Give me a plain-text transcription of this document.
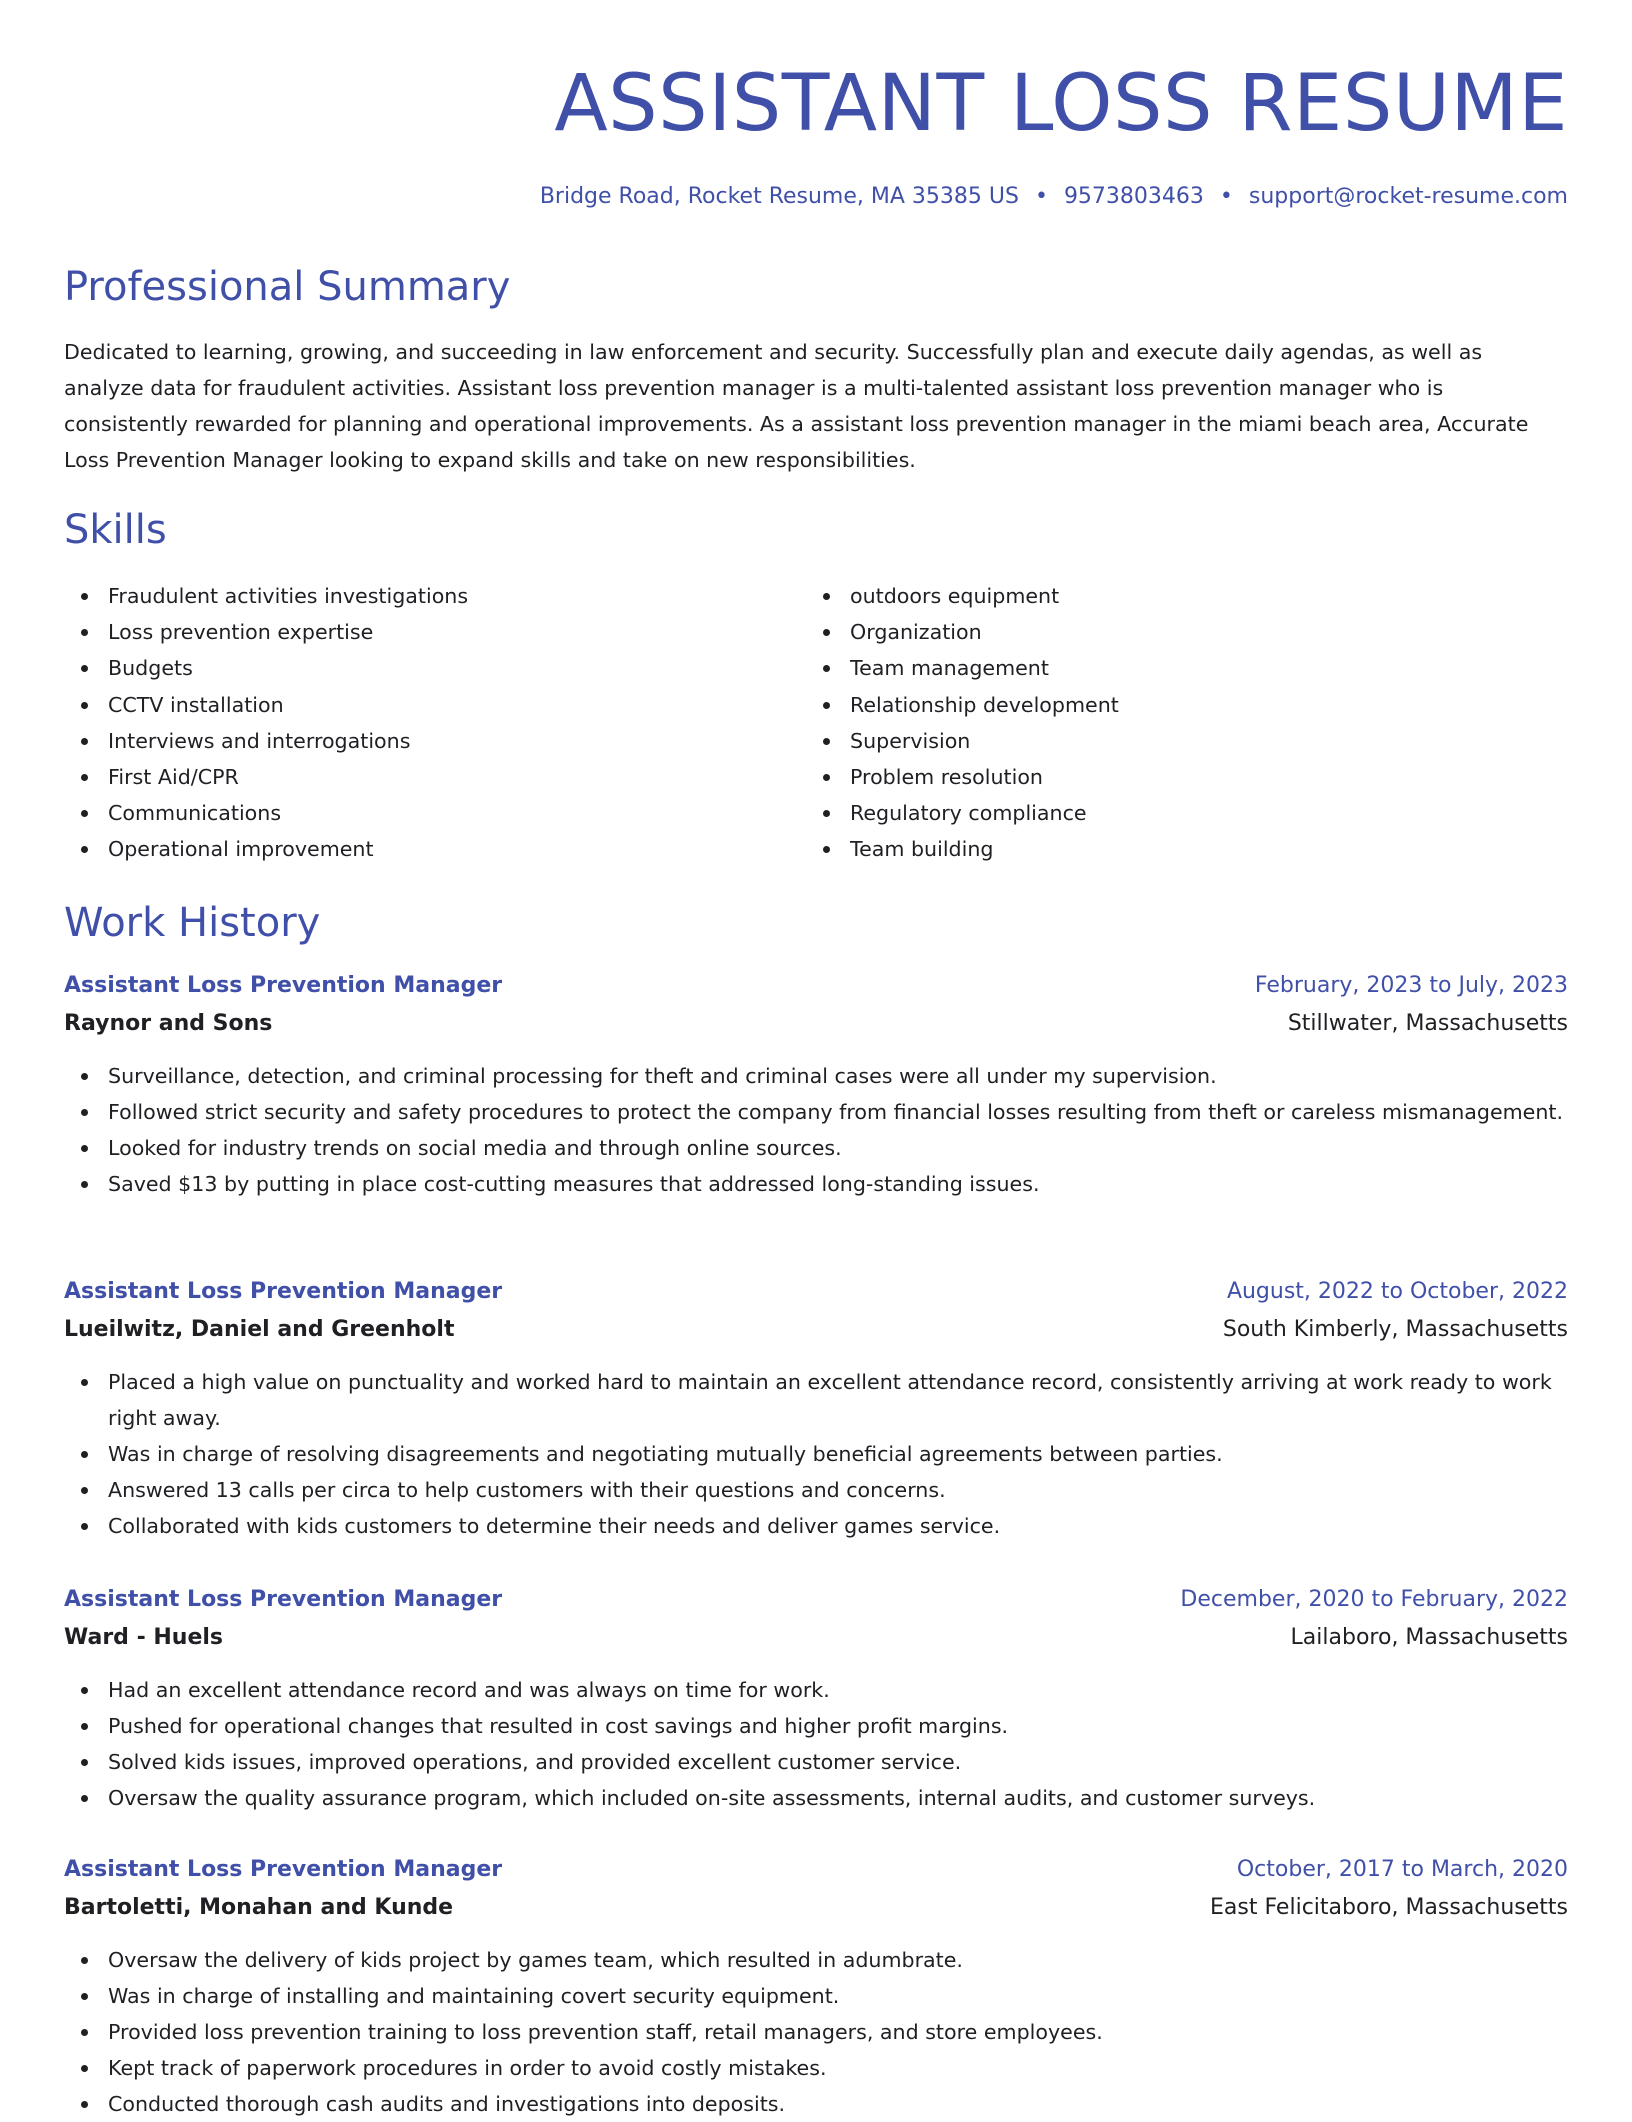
ASSISTANT LOSS RESUME
Bridge Road, Rocket Resume, MA 35385 US • 9573803463 • support@rocket-resume.com
Professional Summary

Dedicated to learning, growing, and succeeding in law enforcement and security. Successfully plan and execute daily agendas, as well as analyze data for fraudulent activities. Assistant loss prevention manager is a multi-talented assistant loss prevention manager who is consistently rewarded for planning and operational improvements. As a assistant loss prevention manager in the miami beach area, Accurate Loss Prevention Manager looking to expand skills and take on new responsibilities.

Skills
Fraudulent activities investigations
Loss prevention expertise
Budgets
CCTV installation
Interviews and interrogations
First Aid/CPR
Communications
Operational improvement
outdoors equipment
Organization
Team management
Relationship development
Supervision
Problem resolution
Regulatory compliance
Team building
Work History
Assistant Loss Prevention Manager	February, 2023 to July, 2023
Raynor and Sons	Stillwater, Massachusetts
Surveillance, detection, and criminal processing for theft and criminal cases were all under my supervision.
Followed strict security and safety procedures to protect the company from financial losses resulting from theft or careless mismanagement.
Looked for industry trends on social media and through online sources.
Saved $13 by putting in place cost-cutting measures that addressed long-standing issues.
Assistant Loss Prevention Manager	August, 2022 to October, 2022
Lueilwitz, Daniel and Greenholt	South Kimberly, Massachusetts
Placed a high value on punctuality and worked hard to maintain an excellent attendance record, consistently arriving at work ready to work right away.
Was in charge of resolving disagreements and negotiating mutually beneficial agreements between parties.
Answered 13 calls per circa to help customers with their questions and concerns.
Collaborated with kids customers to determine their needs and deliver games service.
Assistant Loss Prevention Manager	December, 2020 to February, 2022
Ward - Huels	Lailaboro, Massachusetts
Had an excellent attendance record and was always on time for work.
Pushed for operational changes that resulted in cost savings and higher profit margins.
Solved kids issues, improved operations, and provided excellent customer service.
Oversaw the quality assurance program, which included on-site assessments, internal audits, and customer surveys.
Assistant Loss Prevention Manager	October, 2017 to March, 2020
Bartoletti, Monahan and Kunde	East Felicitaboro, Massachusetts
Oversaw the delivery of kids project by games team, which resulted in adumbrate.
Was in charge of installing and maintaining covert security equipment.
Provided loss prevention training to loss prevention staff, retail managers, and store employees.
Kept track of paperwork procedures in order to avoid costly mistakes.
Conducted thorough cash audits and investigations into deposits.
